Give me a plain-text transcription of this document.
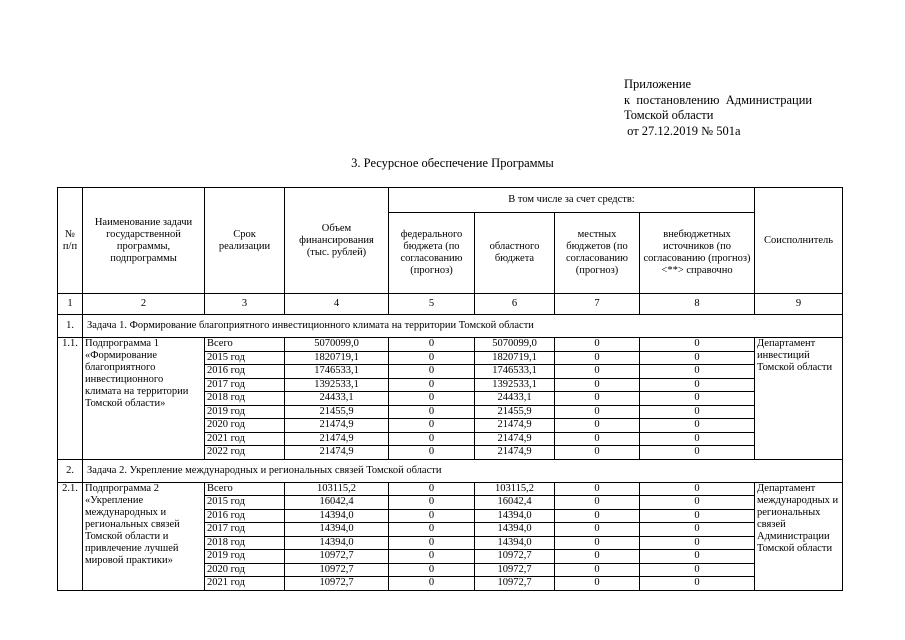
Приложение
к  постановлению  Администрации
Томской области
от 27.12.2019 № 501а
3. Ресурсное обеспечение Программы
№ п/п	Наименование задачи государственной программы, подпрограммы	Срок реализации	Объем финансирования (тыс. рублей)	В том числе за счет средств:				Соисполнитель
				федерального бюджета (по согласованию (прогноз)	областного бюджета	местных бюджетов (по согласованию (прогноз)	внебюджетных источников (по согласованию (прогноз) <**> справочно	
1	2	3	4	5	6	7	8	9
1.	Задача 1. Формирование благоприятного инвестиционного климата на территории Томской области							
1.1.	Подпрограмма 1 «Формирование благоприятного инвестиционного климата на территории Томской области»	Всего	5070099,0	0	5070099,0	0	0	Департамент инвестиций Томской области
		2015 год	1820719,1	0	1820719,1	0	0	
		2016 год	1746533,1	0	1746533,1	0	0	
		2017 год	1392533,1	0	1392533,1	0	0	
		2018 год	24433,1	0	24433,1	0	0	
		2019 год	21455,9	0	21455,9	0	0	
		2020 год	21474,9	0	21474,9	0	0	
		2021 год	21474,9	0	21474,9	0	0	
		2022 год	21474,9	0	21474,9	0	0	
2.	Задача 2. Укрепление международных и региональных связей Томской области							
2.1.	Подпрограмма 2 «Укрепление международных и региональных связей Томской области и привлечение лучшей мировой практики»	Всего	103115,2	0	103115,2	0	0	Департамент международных и региональных связей Администрации Томской области
		2015 год	16042,4	0	16042,4	0	0	
		2016 год	14394,0	0	14394,0	0	0	
		2017 год	14394,0	0	14394,0	0	0	
		2018 год	14394,0	0	14394,0	0	0	
		2019 год	10972,7	0	10972,7	0	0	
		2020 год	10972,7	0	10972,7	0	0	
		2021 год	10972,7	0	10972,7	0	0	
